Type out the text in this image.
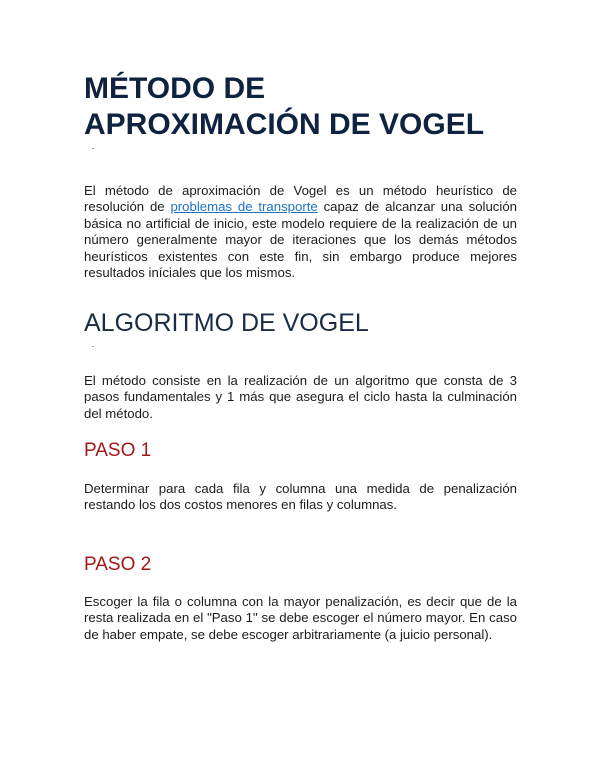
MÉTODO DE
APROXIMACIÓN DE VOGEL

El método de aproximación de Vogel es un método heurístico de resolución de problemas de transporte capaz de alcanzar una solución básica no artificial de inicio, este modelo requiere de la realización de un número generalmente mayor de iteraciones que los demás métodos heurísticos existentes con este fin, sin embargo produce mejores resultados iníciales que los mismos.

ALGORITMO DE VOGEL

El método consiste en la realización de un algoritmo que consta de 3 pasos fundamentales y 1 más que asegura el ciclo hasta la culminación del método.

PASO 1

Determinar para cada fila y columna una medida de penalización restando los dos costos menores en filas y columnas.

PASO 2

Escoger la fila o columna con la mayor penalización, es decir que de la resta realizada en el "Paso 1" se debe escoger el número mayor. En caso de haber empate, se debe escoger arbitrariamente (a juicio personal).
